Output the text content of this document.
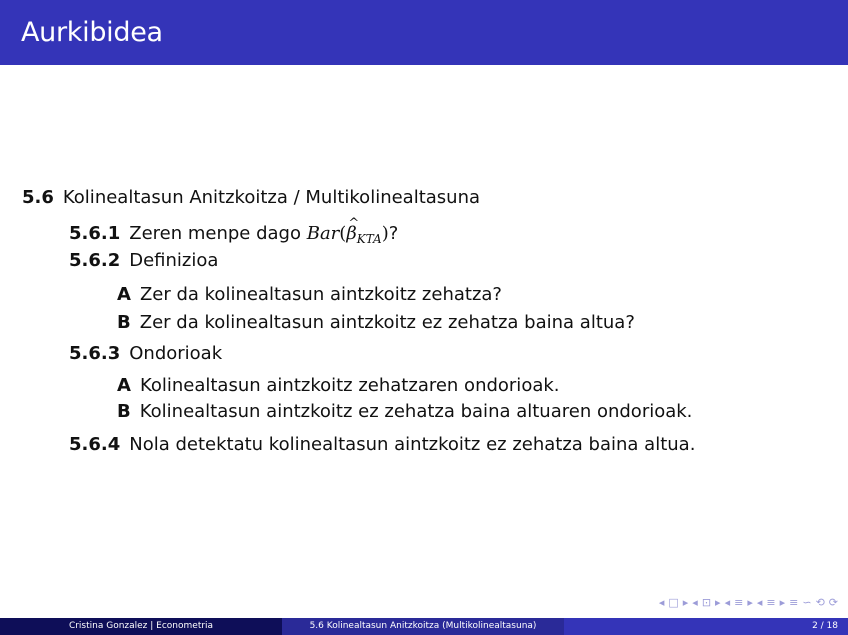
Aurkibidea
5.6 Kolinealtasun Anitzkoitza / Multikolinealtasuna
5.6.1 Zeren menpe dago Bar(^ $\beta_{KTA}$)?
5.6.2 Definizioa
A Zer da kolinealtasun aintzkoitz zehatza?
B Zer da kolinealtasun aintzkoitz ez zehatza baina altua?
5.6.3 Ondorioak
A Kolinealtasun aintzkoitz zehatzaren ondorioak.
B Kolinealtasun aintzkoitz ez zehatza baina altuaren ondorioak.
5.6.4 Nola detektatu kolinealtasun aintzkoitz ez zehatza baina altua.
◂ □ ▸ ◂ ⊡ ▸ ◂ ≡ ▸ ◂ ≡ ▸ ≡ ∽ ⟲ ⟳
Cristina Gonzalez | Econometria	5.6 Kolinealtasun Anitzkoitza (Multikolinealtasuna)	2 / 18
